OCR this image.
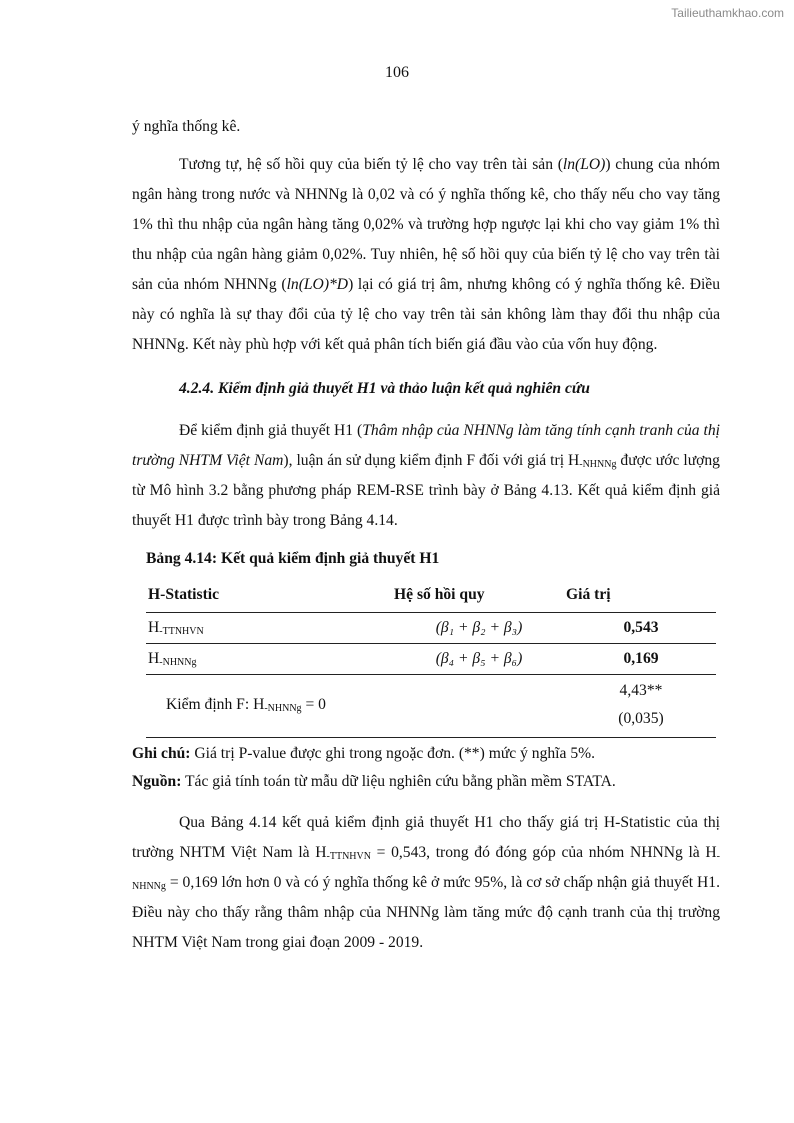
Tailieuthamkhao.com
106

ý nghĩa thống kê.

Tương tự, hệ số hồi quy của biến tỷ lệ cho vay trên tài sản (ln(LO)) chung của nhóm ngân hàng trong nước và NHNNg là 0,02 và có ý nghĩa thống kê, cho thấy nếu cho vay tăng 1% thì thu nhập của ngân hàng tăng 0,02% và trường hợp ngược lại khi cho vay giảm 1% thì thu nhập của ngân hàng giảm 0,02%. Tuy nhiên, hệ số hồi quy của biến tỷ lệ cho vay trên tài sản của nhóm NHNNg (ln(LO)*D) lại có giá trị âm, nhưng không có ý nghĩa thống kê. Điều này có nghĩa là sự thay đổi của tỷ lệ cho vay trên tài sản không làm thay đổi thu nhập của NHNNg. Kết này phù hợp với kết quả phân tích biến giá đầu vào của vốn huy động.

4.2.4. Kiểm định giả thuyết H1 và thảo luận kết quả nghiên cứu

Để kiểm định giả thuyết H1 (Thâm nhập của NHNNg làm tăng tính cạnh tranh của thị trường NHTM Việt Nam), luận án sử dụng kiểm định F đối với giá trị $H_{-NHNNg}$ được ước lượng từ Mô hình 3.2 bằng phương pháp REM-RSE trình bày ở Bảng 4.13. Kết quả kiểm định giả thuyết H1 được trình bày trong Bảng 4.14.

Bảng 4.14: Kết quả kiểm định giả thuyết H1
H-Statistic	Hệ số hồi quy	Giá trị
$H_{-TTNHVN}$	(β₁ + β₂ + β₃)	0,543
$H_{-NHNNg}$	(β₄ + β₅ + β₆)	0,169
Kiểm định F: $H_{-NHNNg} = 0$		4,43**
(0,035)
Ghi chú: Giá trị P-value được ghi trong ngoặc đơn. (**) mức ý nghĩa 5%.
Nguồn: Tác giả tính toán từ mẫu dữ liệu nghiên cứu bằng phần mềm STATA.

Qua Bảng 4.14 kết quả kiểm định giả thuyết H1 cho thấy giá trị H-Statistic của thị trường NHTM Việt Nam là $H_{-TTNHVN} = 0,543$, trong đó đóng góp của nhóm NHNNg là $H_{-NHNNg} = 0,169$ lớn hơn 0 và có ý nghĩa thống kê ở mức 95%, là cơ sở chấp nhận giả thuyết H1. Điều này cho thấy rằng thâm nhập của NHNNg làm tăng mức độ cạnh tranh của thị trường NHTM Việt Nam trong giai đoạn 2009 - 2019.
